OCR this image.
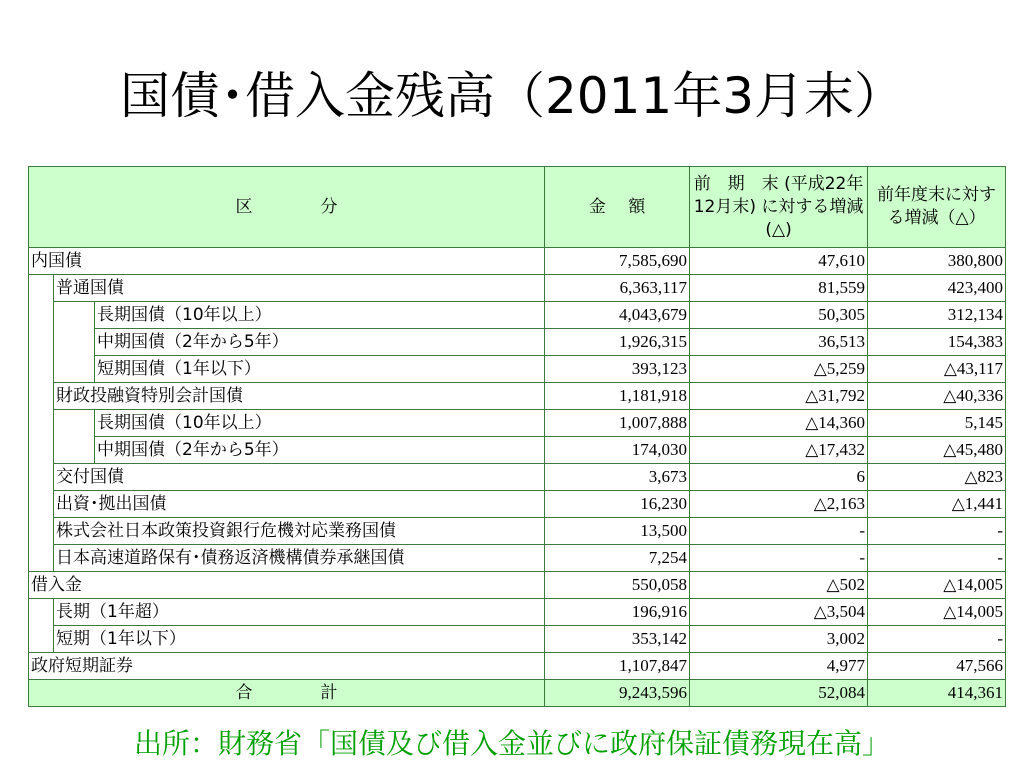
国債･借入金残高（2011年3月末）
区　　　　分			金　 額	前　期　末 (平成22年12月末) に対する増減(△)	前年度末に対する増減（△）
内国債			7,585,690	47,610	380,800
	普通国債		6,363,117	81,559	423,400
		長期国債（10年以上）	4,043,679	50,305	312,134
		中期国債（2年から5年）	1,926,315	36,513	154,383
		短期国債（1年以下）	393,123	△5,259	△43,117
	財政投融資特別会計国債		1,181,918	△31,792	△40,336
		長期国債（10年以上）	1,007,888	△14,360	5,145
		中期国債（2年から5年）	174,030	△17,432	△45,480
	交付国債		3,673	6	△823
	出資･拠出国債		16,230	△2,163	△1,441
	株式会社日本政策投資銀行危機対応業務国債		13,500	-	-
	日本高速道路保有･債務返済機構債券承継国債		7,254	-	-
借入金			550,058	△502	△14,005
	長期（1年超）		196,916	△3,504	△14,005
	短期（1年以下）		353,142	3,002	-
政府短期証券			1,107,847	4,977	47,566
合　　　　計			9,243,596	52,084	414,361
出所：財務省「国債及び借入金並びに政府保証債務現在高」
